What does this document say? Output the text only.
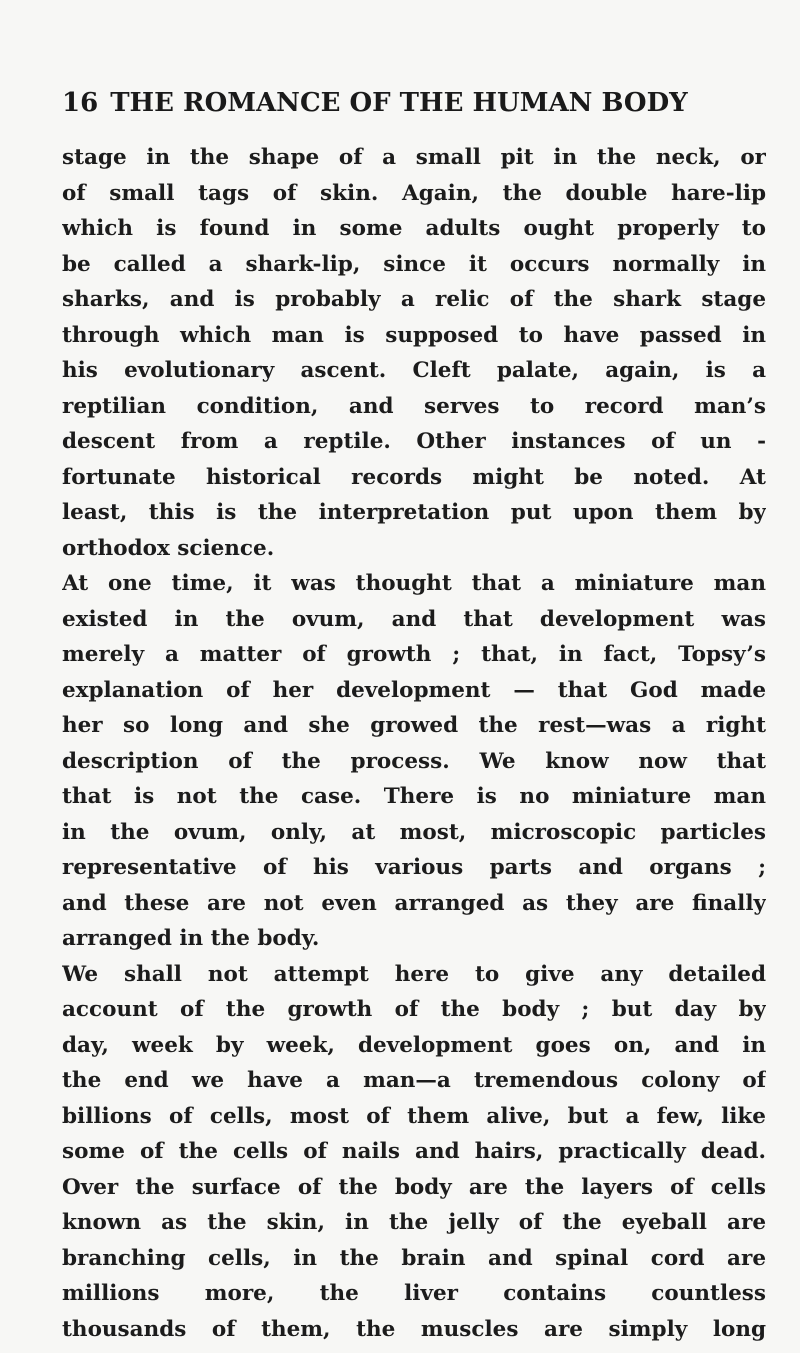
16 THE ROMANCE OF THE HUMAN BODY
stage in the shape of a small pit in the neck, or
of small tags of skin. Again, the double hare-lip
which is found in some adults ought properly to
be called a shark-lip, since it occurs normally in
sharks, and is probably a relic of the shark stage
through which man is supposed to have passed in
his evolutionary ascent. Cleft palate, again, is a
reptilian condition, and serves to record man’s
descent from a reptile. Other instances of un -
fortunate historical records might be noted. At
least, this is the interpretation put upon them by
orthodox science.
At one time, it was thought that a miniature man
existed in the ovum, and that development was
merely a matter of growth ; that, in fact, Topsy’s
explanation of her development — that God made
her so long and she growed the rest—was a right
description of the process. We know now that
that is not the case. There is no miniature man
in the ovum, only, at most, microscopic particles
representative of his various parts and organs ;
and these are not even arranged as they are finally
arranged in the body.
We shall not attempt here to give any detailed
account of the growth of the body ; but day by
day, week by week, development goes on, and in
the end we have a man—a tremendous colony of
billions of cells, most of them alive, but a few, like
some of the cells of nails and hairs, practically dead.
Over the surface of the body are the layers of cells
known as the skin, in the jelly of the eyeball are
branching cells, in the brain and spinal cord are
millions more, the liver contains countless
thousands of them, the muscles are simply long
